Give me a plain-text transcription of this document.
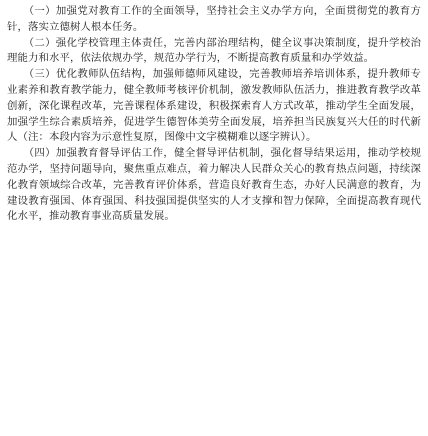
（一）加强党对教育工作的全面领导，坚持社会主义办学方向，全面贯彻党的教育方针，落实立德树人根本任务。

（二）强化学校管理主体责任，完善内部治理结构，健全议事决策制度，提升学校治理能力和水平，依法依规办学，规范办学行为，不断提高教育质量和办学效益。

（三）优化教师队伍结构，加强师德师风建设，完善教师培养培训体系，提升教师专业素养和教育教学能力，健全教师考核评价机制，激发教师队伍活力，推进教育教学改革创新，深化课程改革，完善课程体系建设，积极探索育人方式改革，推动学生全面发展，加强学生综合素质培养，促进学生德智体美劳全面发展，培养担当民族复兴大任的时代新人（注：本段内容为示意性复原，图像中文字模糊难以逐字辨认）。

（四）加强教育督导评估工作，健全督导评估机制，强化督导结果运用，推动学校规范办学，坚持问题导向，聚焦重点难点，着力解决人民群众关心的教育热点问题，持续深化教育领域综合改革，完善教育评价体系，营造良好教育生态，办好人民满意的教育，为建设教育强国、体育强国、科技强国提供坚实的人才支撑和智力保障，全面提高教育现代化水平，推动教育事业高质量发展。
